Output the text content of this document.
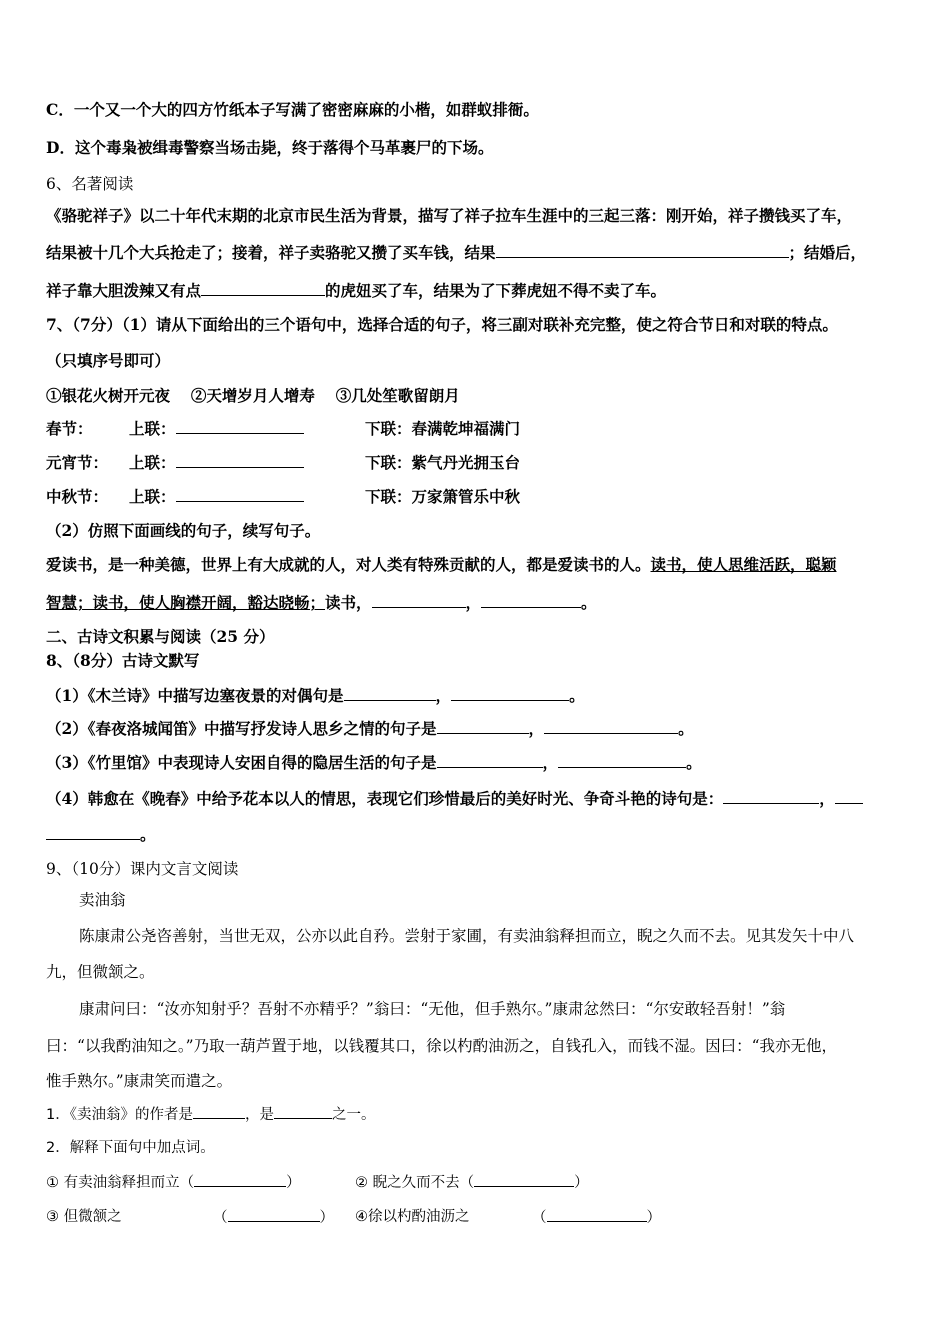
C．一个又一个大的四方竹纸本子写满了密密麻麻的小楷，如群蚁排衙。
D．这个毒枭被缉毒警察当场击毙，终于落得个马革裹尸的下场。
6、名著阅读
《骆驼祥子》以二十年代末期的北京市民生活为背景，描写了祥子拉车生涯中的三起三落：刚开始，祥子攒钱买了车，
结果被十几个大兵抢走了；接着，祥子卖骆驼又攒了买车钱，结果	；结婚后，
祥子靠大胆泼辣又有点	的虎妞买了车，结果为了下葬虎妞不得不卖了车。
7、（7分）（1）请从下面给出的三个语句中，选择合适的句子，将三副对联补充完整，使之符合节日和对联的特点。
（只填序号即可）
①银花火树开元夜　 ②天增岁月人增寿　 ③几处笙歌留朗月
春节： 上联：	下联：春满乾坤福满门
元宵节： 上联：	下联：紫气丹光拥玉台
中秋节： 上联：	下联：万家箫管乐中秋
（2）仿照下面画线的句子，续写句子。
爱读书，是一种美德，世界上有大成就的人，对人类有特殊贡献的人，都是爱读书的人。读书，使人思维活跃，聪颖
智慧；读书，使人胸襟开阔，豁达晓畅；读书，	，	。
二、古诗文积累与阅读（25 分）
8、（8分）古诗文默写
（1）《木兰诗》中描写边塞夜景的对偶句是	，	。
（2）《春夜洛城闻笛》中描写抒发诗人思乡之情的句子是	，	。
（3）《竹里馆》中表现诗人安困自得的隐居生活的句子是	，	。
（4）韩愈在《晚春》中给予花本以人的情思，表现它们珍惜最后的美好时光、争奇斗艳的诗句是：	，
。
9、（10分）课内文言文阅读
卖油翁
陈康肃公尧咨善射，当世无双，公亦以此自矜。尝射于家圃，有卖油翁释担而立，睨之久而不去。见其发矢十中八
九，但微颔之。
康肃问曰：“汝亦知射乎？吾射不亦精乎？”翁曰：“无他，但手熟尔。”康肃忿然曰：“尔安敢轻吾射！”翁
曰：“以我酌油知之。”乃取一葫芦置于地，以钱覆其口，徐以杓酌油沥之，自钱孔入，而钱不湿。因曰：“我亦无他，
惟手熟尔。”康肃笑而遣之。
1．《卖油翁》的作者是	，是	之一。
2．解释下面句中加点词。
① 有卖油翁释担而立（	）	② 睨之久而不去（	）
③ 但微颔之	（	） ④徐以杓酌油沥之	（	）
